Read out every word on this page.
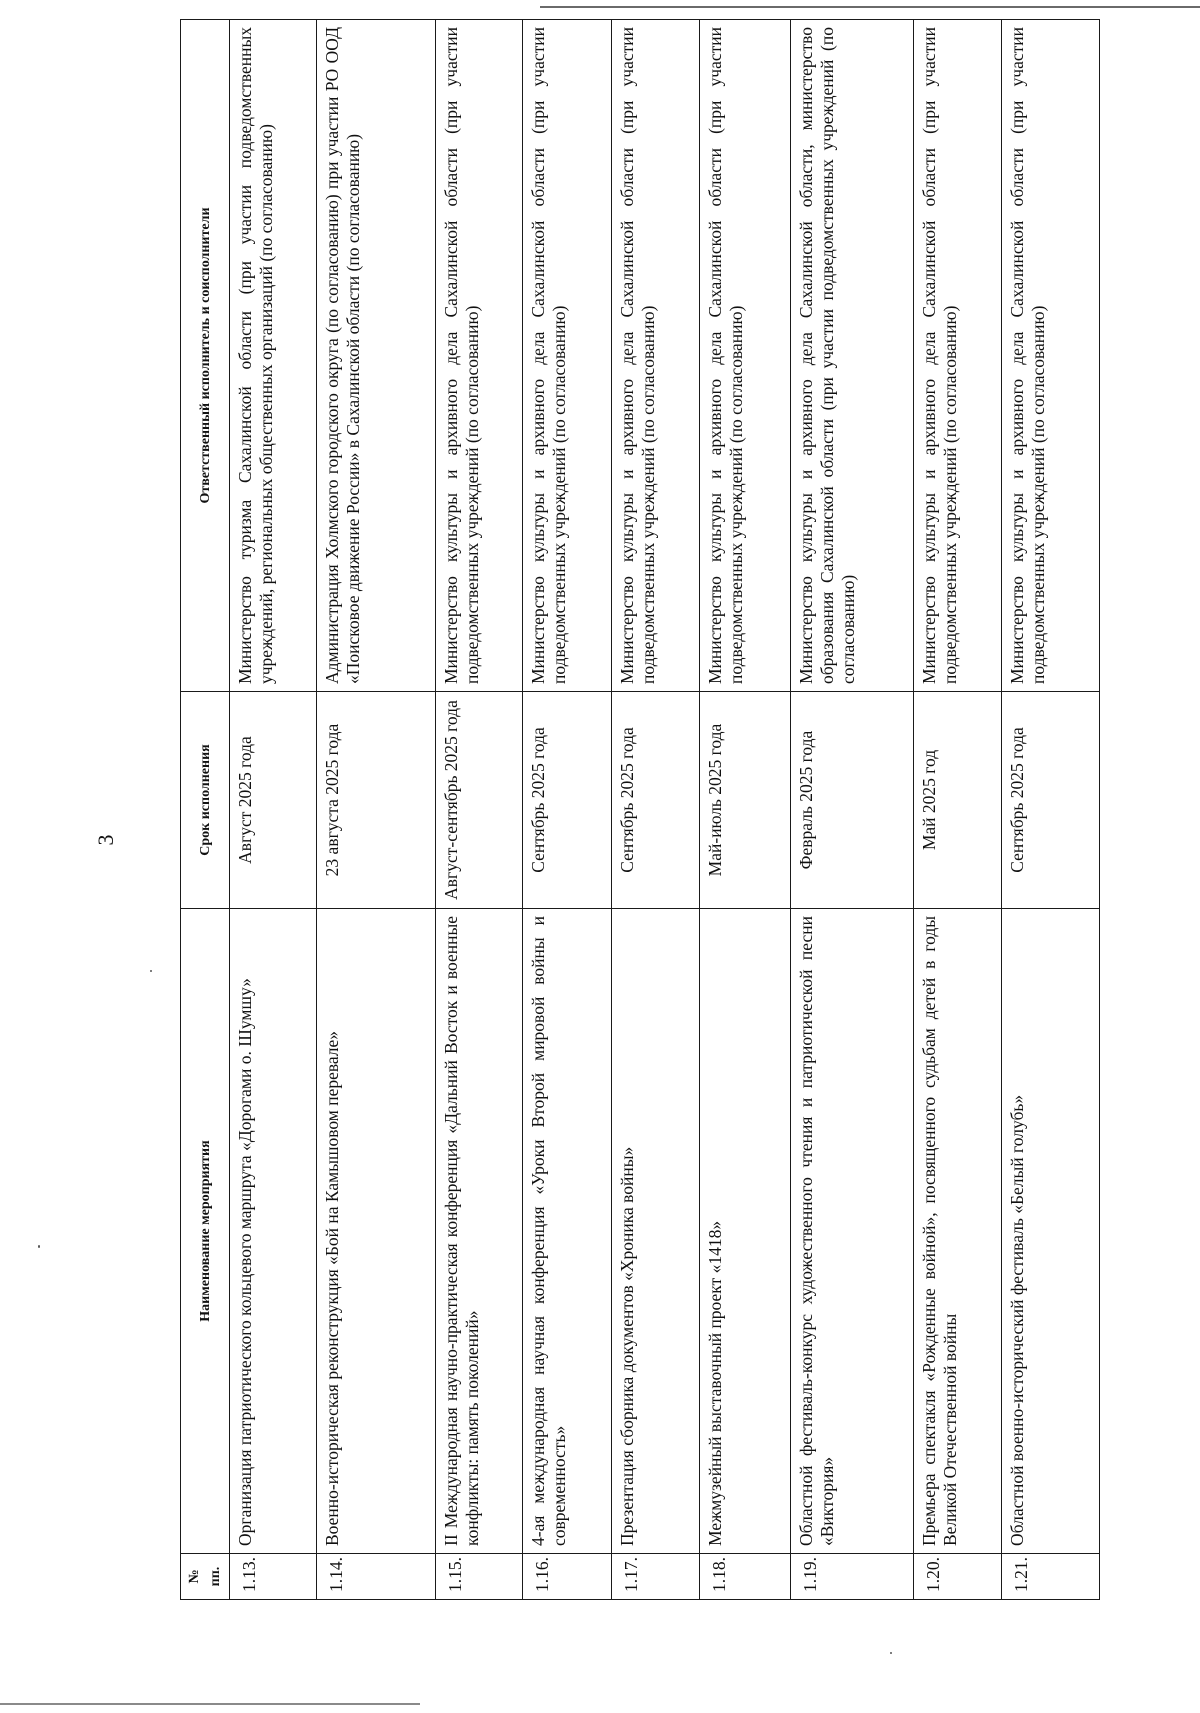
3
№ пп.	Наименование мероприятия	Срок исполнения	Ответственный исполнитель и соисполнители
1.13.	Организация патриотического кольцевого маршрута «Дорогами о. Шумшу»	Август 2025 года	Министерство туризма Сахалинской области (при участии подведомственных учреждений, региональных общественных организаций (по согласованию)
1.14.	Военно-историческая реконструкция «Бой на Камышовом перевале»	23 августа 2025 года	Администрация Холмского городского округа (по согласованию) при участии РО ООД «Поисковое движение России» в Сахалинской области (по согласованию)
1.15.	II Международная научно-практическая конференция «Дальний Восток и военные конфликты: память поколений»	Август-сентябрь 2025 года	Министерство культуры и архивного дела Сахалинской области (при участии подведомственных учреждений (по согласованию)
1.16.	4-ая международная научная конференция «Уроки Второй мировой войны и современность»	Сентябрь 2025 года	Министерство культуры и архивного дела Сахалинской области (при участии подведомственных учреждений (по согласованию)
1.17.	Презентация сборника документов «Хроника войны»	Сентябрь 2025 года	Министерство культуры и архивного дела Сахалинской области (при участии подведомственных учреждений (по согласованию)
1.18.	Межмузейный выставочный проект «1418»	Май-июль 2025 года	Министерство культуры и архивного дела Сахалинской области (при участии подведомственных учреждений (по согласованию)
1.19.	Областной фестиваль-конкурс художественного чтения и патриотической песни «Виктория»	Февраль 2025 года	Министерство культуры и архивного дела Сахалинской области, министерство образования Сахалинской области (при участии подведомственных учреждений (по согласованию)
1.20.	Премьера спектакля «Рожденные войной», посвященного судьбам детей в годы Великой Отечественной войны	Май 2025 год	Министерство культуры и архивного дела Сахалинской области (при участии подведомственных учреждений (по согласованию)
1.21.	Областной военно-исторический фестиваль «Белый голубь»	Сентябрь 2025 года	Министерство культуры и архивного дела Сахалинской области (при участии подведомственных учреждений (по согласованию)
